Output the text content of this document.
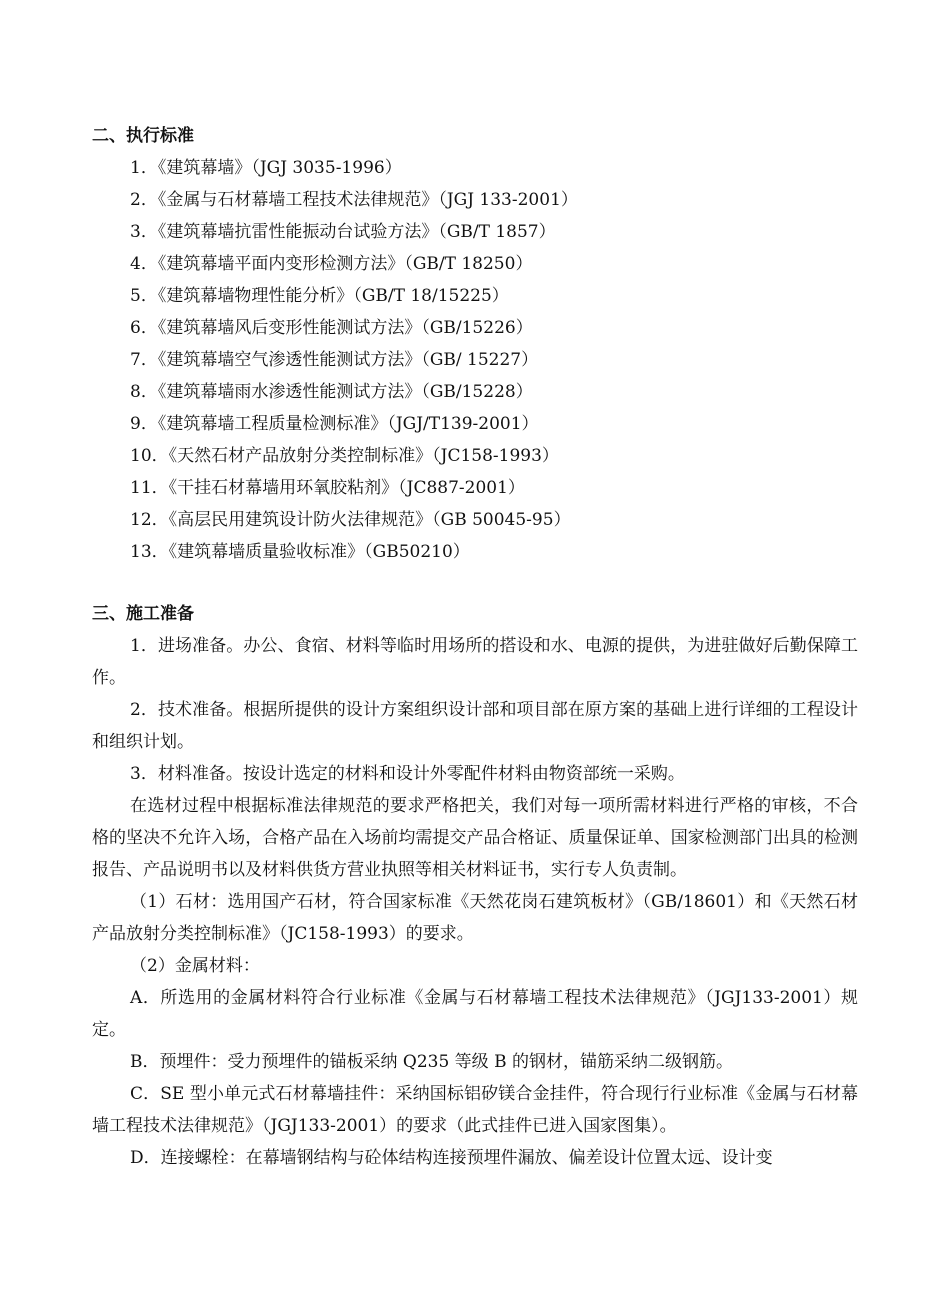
二、执行标准
1．《建筑幕墙》（JGJ 3035-1996）
2．《金属与石材幕墙工程技术法律规范》（JGJ 133-2001）
3．《建筑幕墙抗雷性能振动台试验方法》（GB/T 1857）
4．《建筑幕墙平面内变形检测方法》（GB/T 18250）
5．《建筑幕墙物理性能分析》（GB/T 18/15225）
6．《建筑幕墙风后变形性能测试方法》（GB/15226）
7．《建筑幕墙空气渗透性能测试方法》（GB/ 15227）
8．《建筑幕墙雨水渗透性能测试方法》（GB/15228）
9．《建筑幕墙工程质量检测标准》（JGJ/T139-2001）
10．《天然石材产品放射分类控制标准》（JC158-1993）
11．《干挂石材幕墙用环氧胶粘剂》（JC887-2001）
12．《高层民用建筑设计防火法律规范》（GB 50045-95）
13．《建筑幕墙质量验收标准》（GB50210）
三、施工准备
1．进场准备。办公、食宿、材料等临时用场所的搭设和水、电源的提供，为进驻做好后勤保障工作。
2．技术准备。根据所提供的设计方案组织设计部和项目部在原方案的基础上进行详细的工程设计和组织计划。
3．材料准备。按设计选定的材料和设计外零配件材料由物资部统一采购。
在选材过程中根据标准法律规范的要求严格把关，我们对每一项所需材料进行严格的审核，不合格的坚决不允许入场，合格产品在入场前均需提交产品合格证、质量保证单、国家检测部门出具的检测报告、产品说明书以及材料供货方营业执照等相关材料证书，实行专人负责制。
（1）石材：选用国产石材，符合国家标准《天然花岗石建筑板材》（GB/18601）和《天然石材产品放射分类控制标准》（JC158-1993）的要求。
（2）金属材料：
A．所选用的金属材料符合行业标准《金属与石材幕墙工程技术法律规范》（JGJ133-2001）规定。
B．预埋件：受力预埋件的锚板采纳 Q235 等级 B 的钢材，锚筋采纳二级钢筋。
C．SE 型小单元式石材幕墙挂件：采纳国标铝矽镁合金挂件，符合现行行业标准《金属与石材幕墙工程技术法律规范》（JGJ133-2001）的要求（此式挂件已进入国家图集）。
D．连接螺栓：在幕墙钢结构与砼体结构连接预埋件漏放、偏差设计位置太远、设计变
